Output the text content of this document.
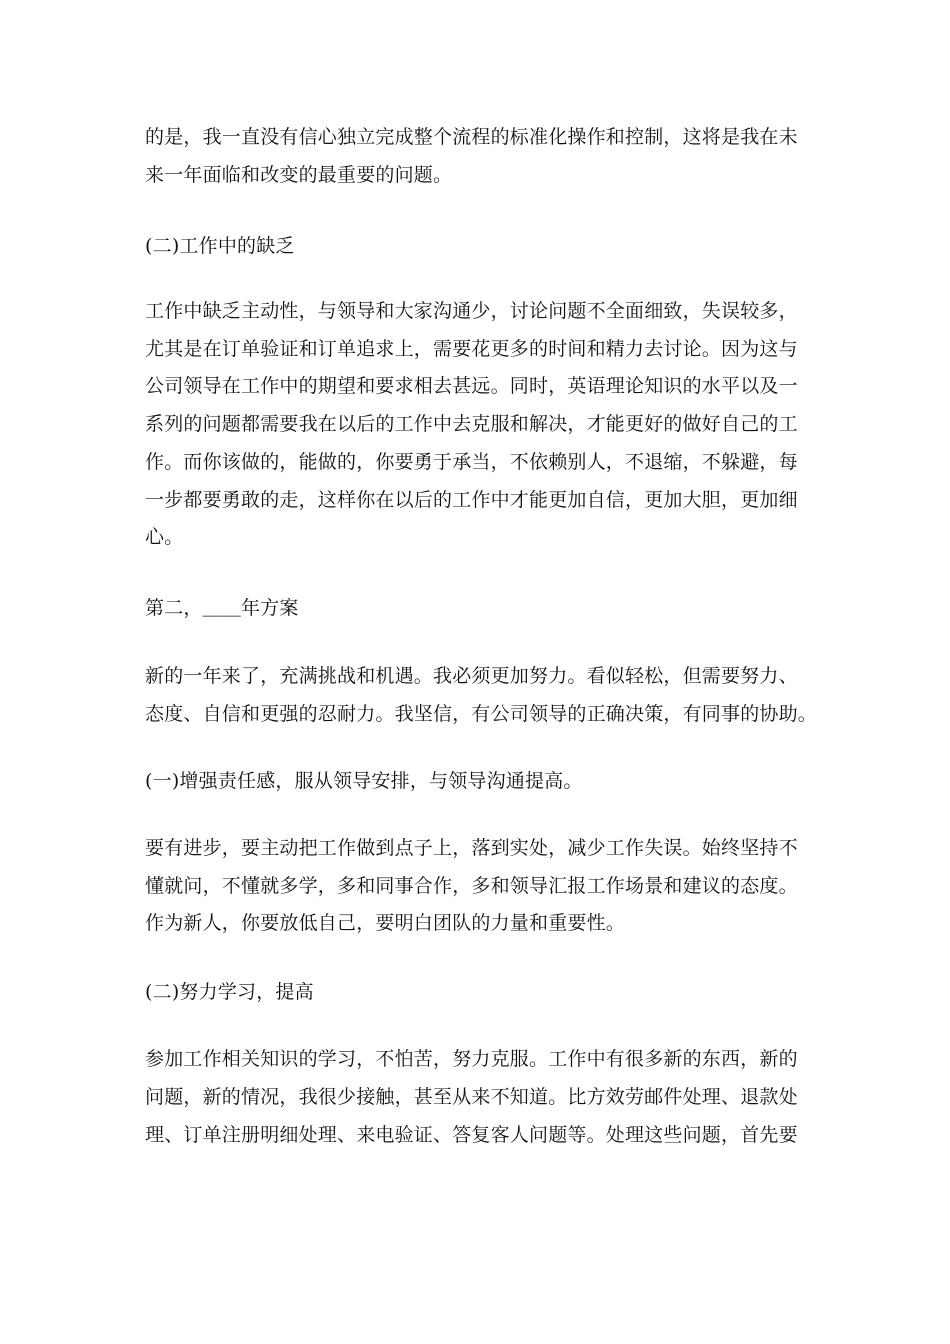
的是，我一直没有信心独立完成整个流程的标准化操作和控制，这将是我在未

来一年面临和改变的最重要的问题。

(二)工作中的缺乏

工作中缺乏主动性，与领导和大家沟通少，讨论问题不全面细致，失误较多，

尤其是在订单验证和订单追求上，需要花更多的时间和精力去讨论。因为这与

公司领导在工作中的期望和要求相去甚远。同时，英语理论知识的水平以及一

系列的问题都需要我在以后的工作中去克服和解决，才能更好的做好自己的工

作。而你该做的，能做的，你要勇于承当，不依赖别人，不退缩，不躲避，每

一步都要勇敢的走，这样你在以后的工作中才能更加自信，更加大胆，更加细

心。

第二，＿＿年方案

新的一年来了，充满挑战和机遇。我必须更加努力。看似轻松，但需要努力、

态度、自信和更强的忍耐力。我坚信，有公司领导的正确决策，有同事的协助。

(一)增强责任感，服从领导安排，与领导沟通提高。

要有进步，要主动把工作做到点子上，落到实处，减少工作失误。始终坚持不

懂就问，不懂就多学，多和同事合作，多和领导汇报工作场景和建议的态度。

作为新人，你要放低自己，要明白团队的力量和重要性。

(二)努力学习，提高

参加工作相关知识的学习，不怕苦，努力克服。工作中有很多新的东西，新的

问题，新的情况，我很少接触，甚至从来不知道。比方效劳邮件处理、退款处

理、订单注册明细处理、来电验证、答复客人问题等。处理这些问题，首先要
